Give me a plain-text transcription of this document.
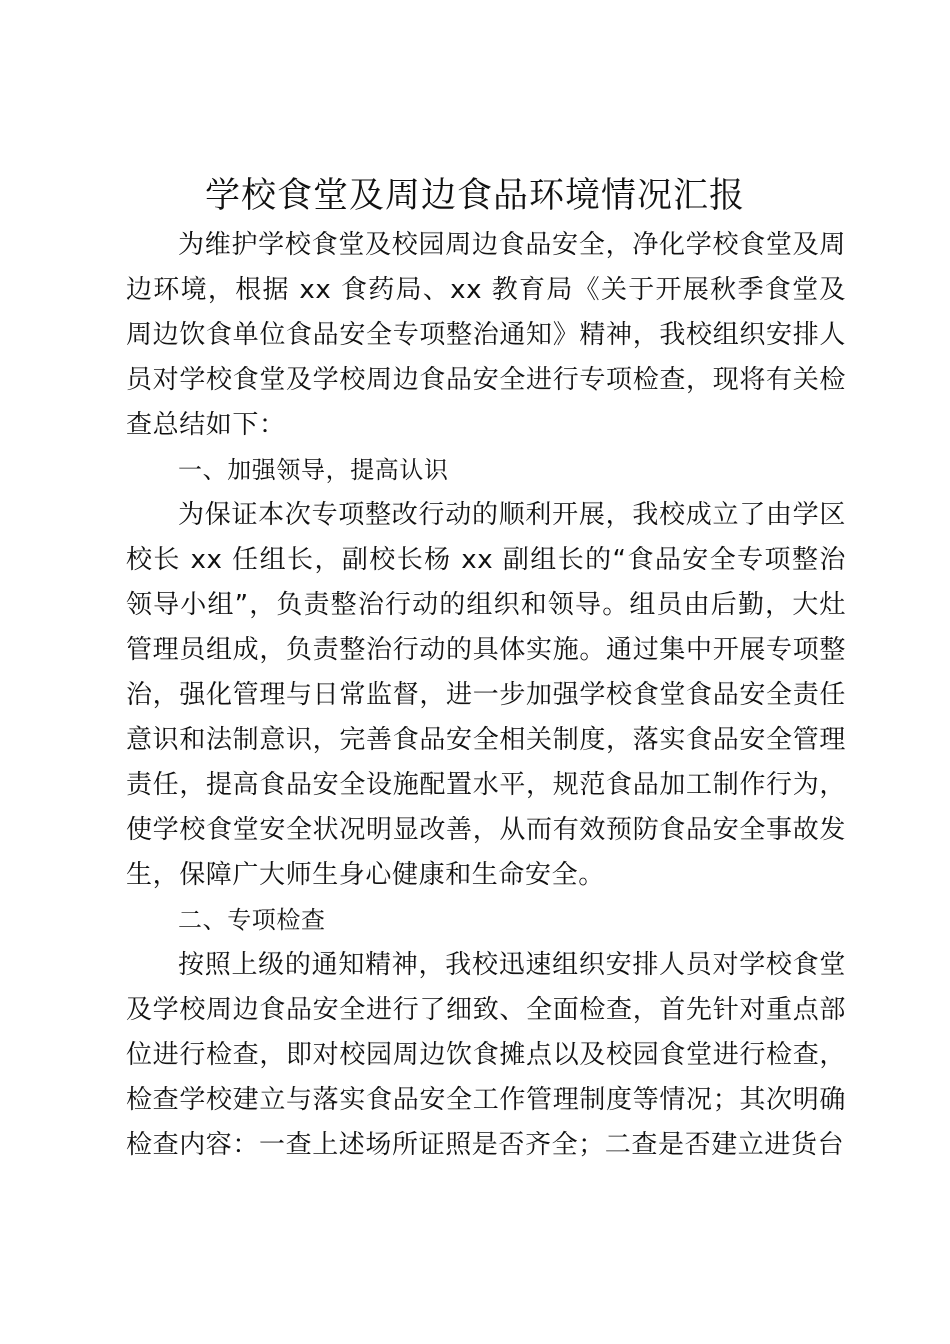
学校食堂及周边食品环境情况汇报

为维护学校食堂及校园周边食品安全，净化学校食堂及周边环境，根据 xx 食药局、xx 教育局《关于开展秋季食堂及周边饮食单位食品安全专项整治通知》精神，我校组织安排人员对学校食堂及学校周边食品安全进行专项检查，现将有关检查总结如下：

一、加强领导，提高认识

为保证本次专项整改行动的顺利开展，我校成立了由学区校长 xx 任组长，副校长杨 xx 副组长的“食品安全专项整治领导小组”，负责整治行动的组织和领导。组员由后勤，大灶管理员组成，负责整治行动的具体实施。通过集中开展专项整治，强化管理与日常监督，进一步加强学校食堂食品安全责任意识和法制意识，完善食品安全相关制度，落实食品安全管理责任，提高食品安全设施配置水平，规范食品加工制作行为，使学校食堂安全状况明显改善，从而有效预防食品安全事故发生，保障广大师生身心健康和生命安全。

二、专项检查

按照上级的通知精神，我校迅速组织安排人员对学校食堂及学校周边食品安全进行了细致、全面检查，首先针对重点部位进行检查，即对校园周边饮食摊点以及校园食堂进行检查，检查学校建立与落实食品安全工作管理制度等情况；其次明确检查内容：一查上述场所证照是否齐全；二查是否建立进货台
